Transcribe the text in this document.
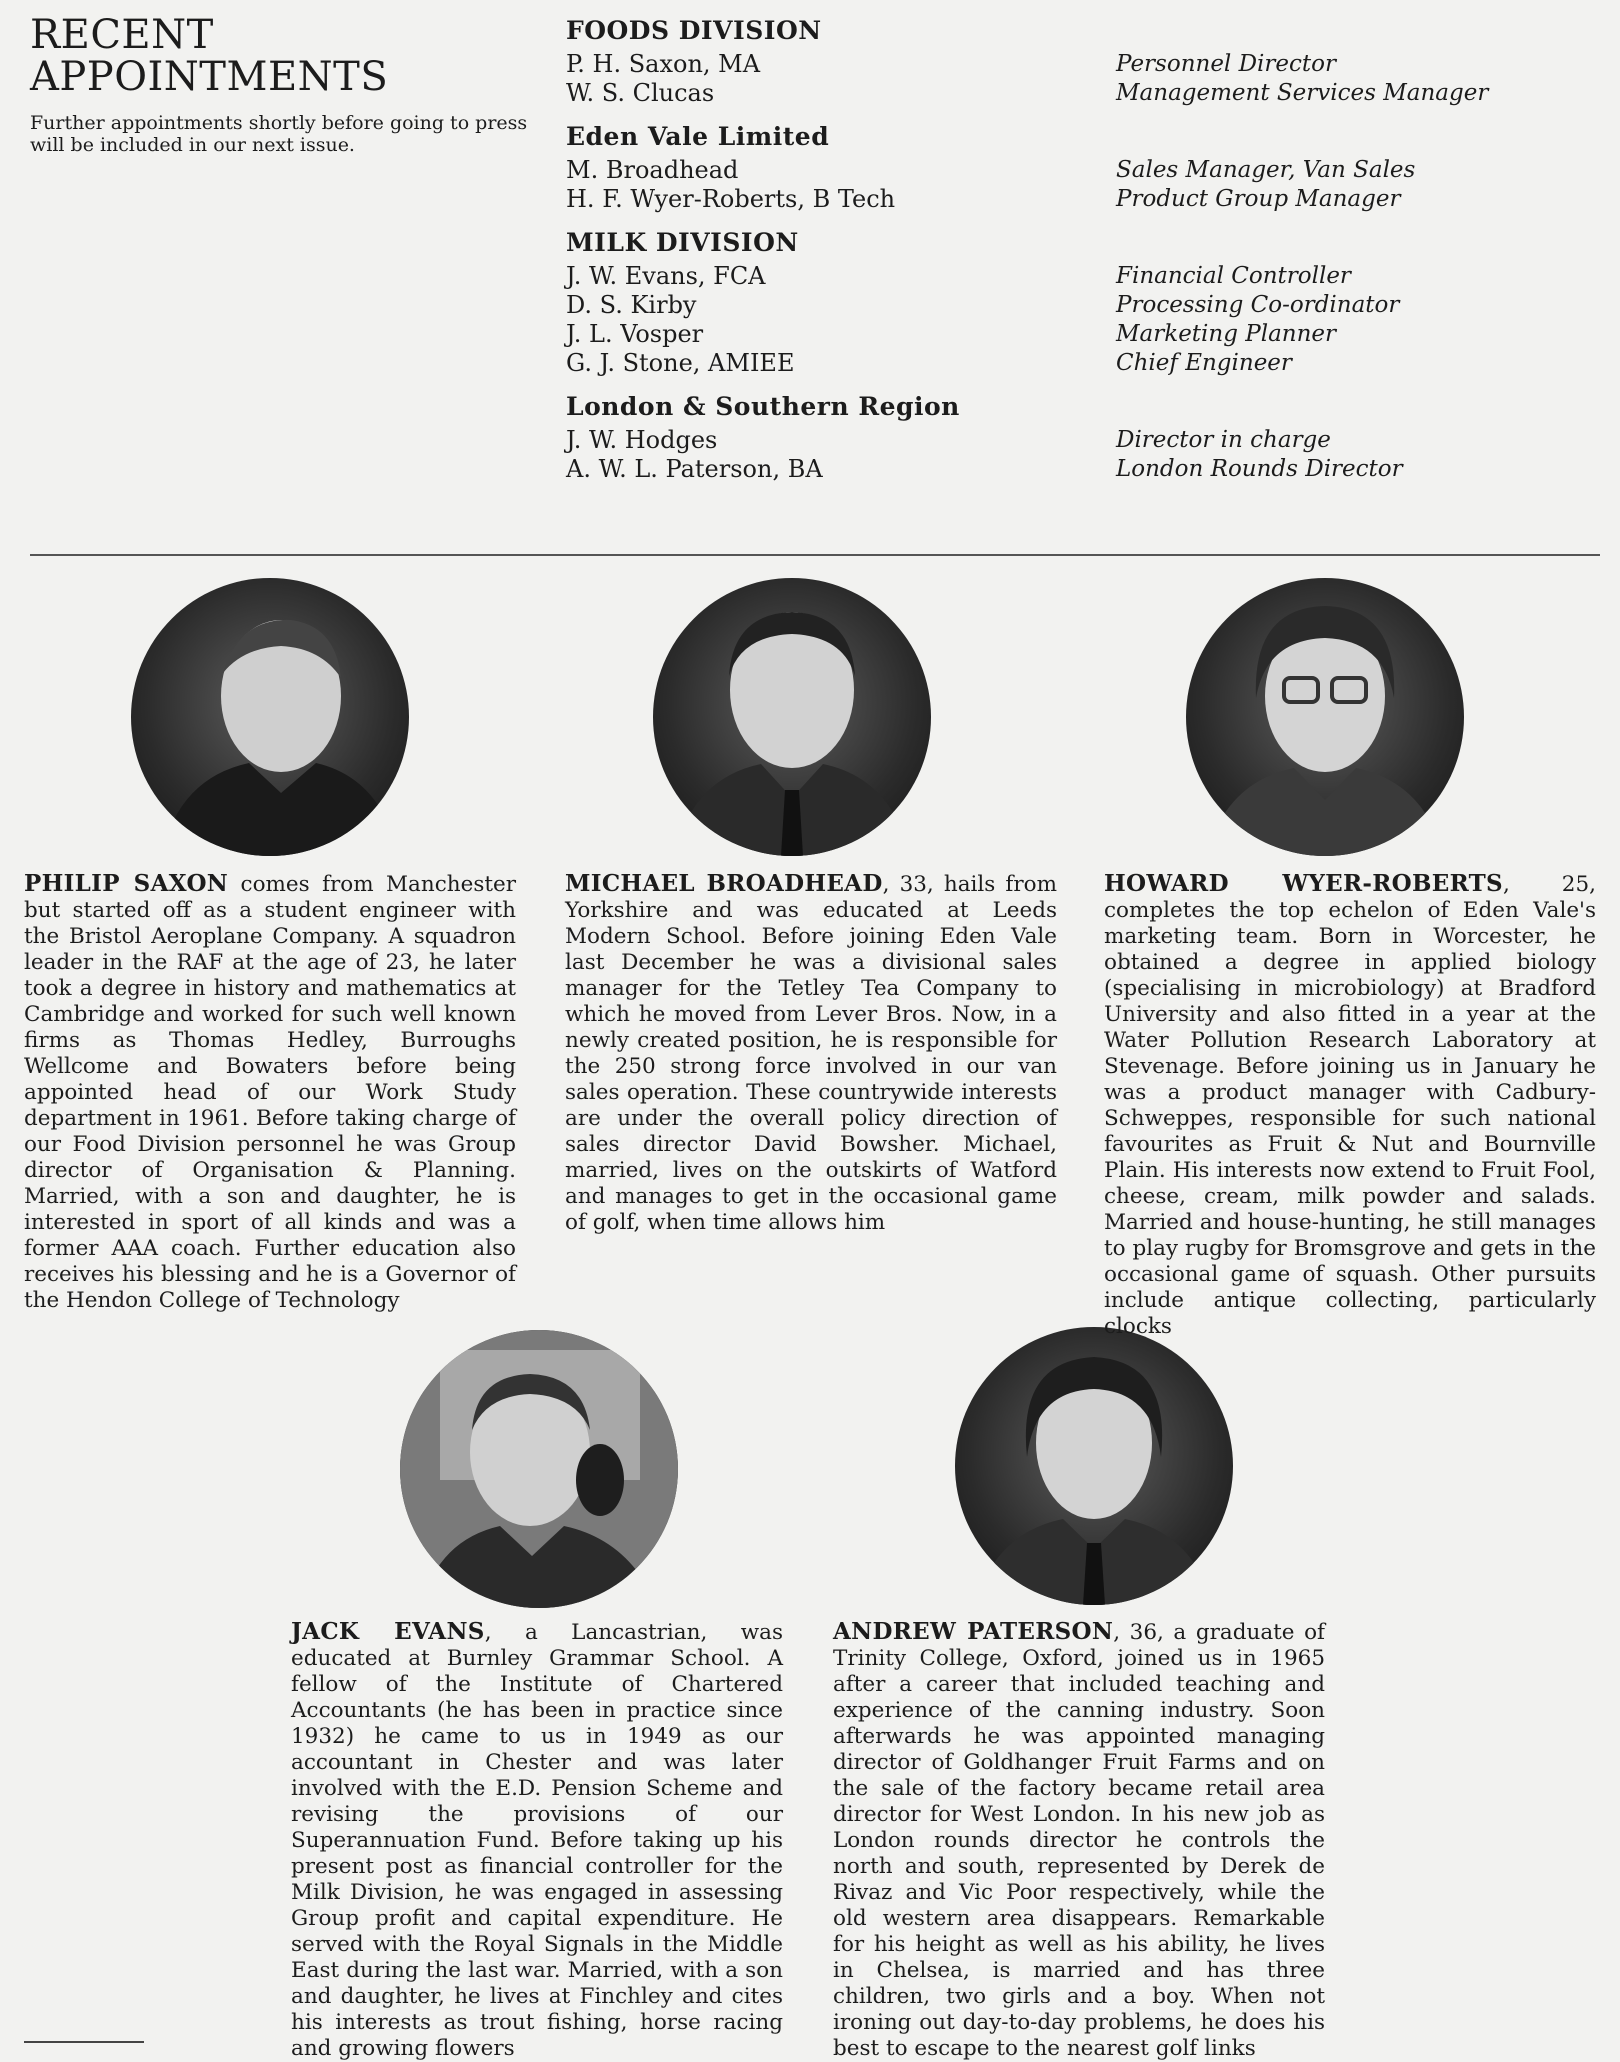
RECENT
APPOINTMENTS

Further appointments shortly before going to press will be included in our next issue.

FOODS DIVISION
P. H. Saxon, MA	Personnel Director
W. S. Clucas	Management Services Manager
Eden Vale Limited
M. Broadhead	Sales Manager, Van Sales
H. F. Wyer-Roberts, B Tech	Product Group Manager
MILK DIVISION
J. W. Evans, FCA	Financial Controller
D. S. Kirby	Processing Co-ordinator
J. L. Vosper	Marketing Planner
G. J. Stone, AMIEE	Chief Engineer
London & Southern Region
J. W. Hodges	Director in charge
A. W. L. Paterson, BA	London Rounds Director

PHILIP SAXON comes from Manchester but started off as a student engineer with the Bristol Aeroplane Company. A squadron leader in the RAF at the age of 23, he later took a degree in history and mathematics at Cambridge and worked for such well known firms as Thomas Hedley, Burroughs Wellcome and Bowaters before being appointed head of our Work Study department in 1961. Before taking charge of our Food Division personnel he was Group director of Organisation & Planning. Married, with a son and daughter, he is interested in sport of all kinds and was a former AAA coach. Further education also receives his blessing and he is a Governor of the Hendon College of Technology

MICHAEL BROADHEAD, 33, hails from Yorkshire and was educated at Leeds Modern School. Before joining Eden Vale last December he was a divisional sales manager for the Tetley Tea Company to which he moved from Lever Bros. Now, in a newly created position, he is responsible for the 250 strong force involved in our van sales operation. These countrywide interests are under the overall policy direction of sales director David Bowsher. Michael, married, lives on the outskirts of Watford and manages to get in the occasional game of golf, when time allows him

HOWARD WYER-ROBERTS, 25, completes the top echelon of Eden Vale's marketing team. Born in Worcester, he obtained a degree in applied biology (specialising in microbiology) at Bradford University and also fitted in a year at the Water Pollution Research Laboratory at Stevenage. Before joining us in January he was a product manager with Cadbury-Schweppes, responsible for such national favourites as Fruit & Nut and Bournville Plain. His interests now extend to Fruit Fool, cheese, cream, milk powder and salads. Married and house-hunting, he still manages to play rugby for Bromsgrove and gets in the occasional game of squash. Other pursuits include antique collecting, particularly clocks

JACK EVANS, a Lancastrian, was educated at Burnley Grammar School. A fellow of the Institute of Chartered Accountants (he has been in practice since 1932) he came to us in 1949 as our accountant in Chester and was later involved with the E.D. Pension Scheme and revising the provisions of our Superannuation Fund. Before taking up his present post as financial controller for the Milk Division, he was engaged in assessing Group profit and capital expenditure. He served with the Royal Signals in the Middle East during the last war. Married, with a son and daughter, he lives at Finchley and cites his interests as trout fishing, horse racing and growing flowers

ANDREW PATERSON, 36, a graduate of Trinity College, Oxford, joined us in 1965 after a career that included teaching and experience of the canning industry. Soon afterwards he was appointed managing director of Goldhanger Fruit Farms and on the sale of the factory became retail area director for West London. In his new job as London rounds director he controls the north and south, represented by Derek de Rivaz and Vic Poor respectively, while the old western area disappears. Remarkable for his height as well as his ability, he lives in Chelsea, is married and has three children, two girls and a boy. When not ironing out day-to-day problems, he does his best to escape to the nearest golf links
